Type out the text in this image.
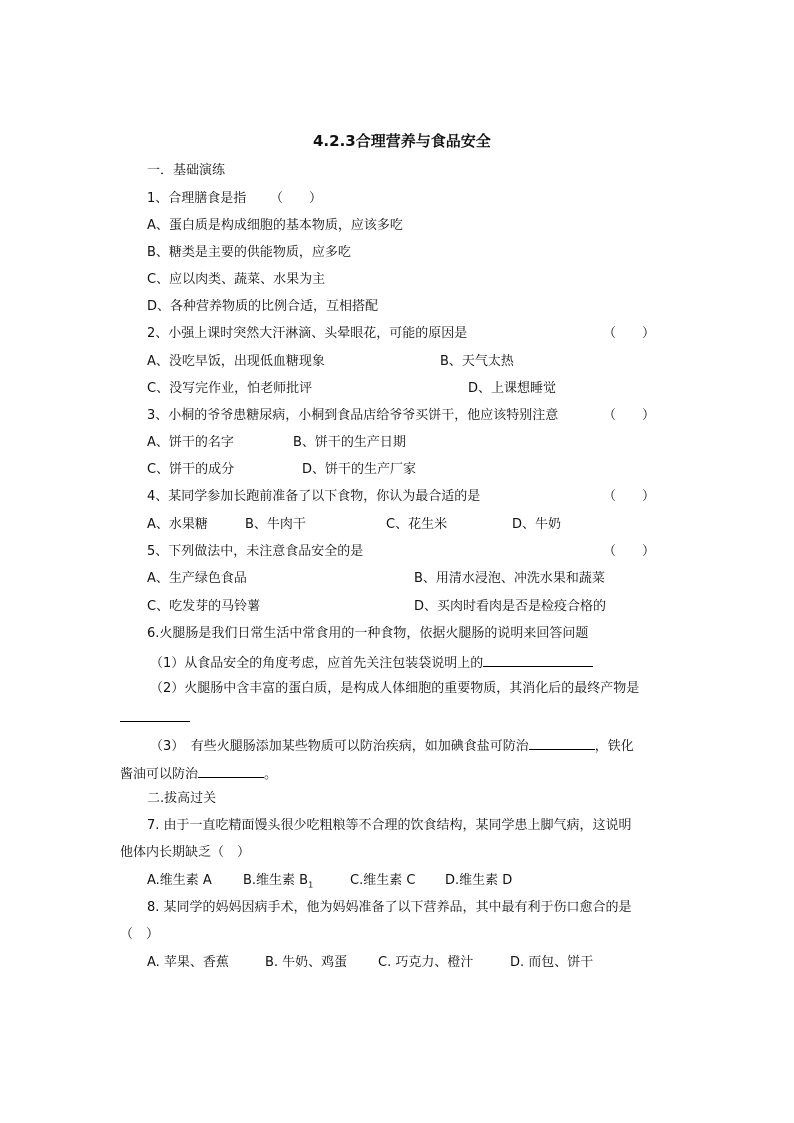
4.2.3合理营养与食品安全
一．基础演练
1、合理膳食是指 （　　）
A、蛋白质是构成细胞的基本物质，应该多吃
B、糖类是主要的供能物质，应多吃
C、应以肉类、蔬菜、水果为主
D、各种营养物质的比例合适，互相搭配
2、小强上课时突然大汗淋滴、头晕眼花，可能的原因是	（　　）
A、没吃早饭，出现低血糖现象	B、天气太热
C、没写完作业，怕老师批评	D、上课想睡觉
3、小桐的爷爷患糖尿病，小桐到食品店给爷爷买饼干，他应该特别注意	（　　）
A、饼干的名字	B、饼干的生产日期
C、饼干的成分	D、饼干的生产厂家
4、某同学参加长跑前准备了以下食物，你认为最合适的是	（　　）
A、水果糖	B、牛肉干	C、花生米	D、牛奶
5、下列做法中，未注意食品安全的是	（　　）
A、生产绿色食品	B、用清水浸泡、冲洗水果和蔬菜
C、吃发芽的马铃薯	D、买肉时看肉是否是检疫合格的
6.火腿肠是我们日常生活中常食用的一种食物，依据火腿肠的说明来回答问题
（1）从食品安全的角度考虑，应首先关注包装袋说明上的
（2）火腿肠中含丰富的蛋白质，是构成人体细胞的重要物质，其消化后的最终产物是
（3）　有些火腿肠添加某些物质可以防治疾病，如加碘食盐可防治	，铁化
酱油可以防治	。
二.拔高过关
7. 由于一直吃精面馒头很少吃粗粮等不合理的饮食结构，某同学患上脚气病，这说明
他体内长期缺乏（　）
A.维生素 A B.维生素 $B_1$	C.维生素 C D.维生素 D
8. 某同学的妈妈因病手术，他为妈妈准备了以下营养品，其中最有利于伤口愈合的是
（　）
A. 苹果、香蕉	B. 牛奶、鸡蛋 C. 巧克力、橙汁	D. 而包、饼干
